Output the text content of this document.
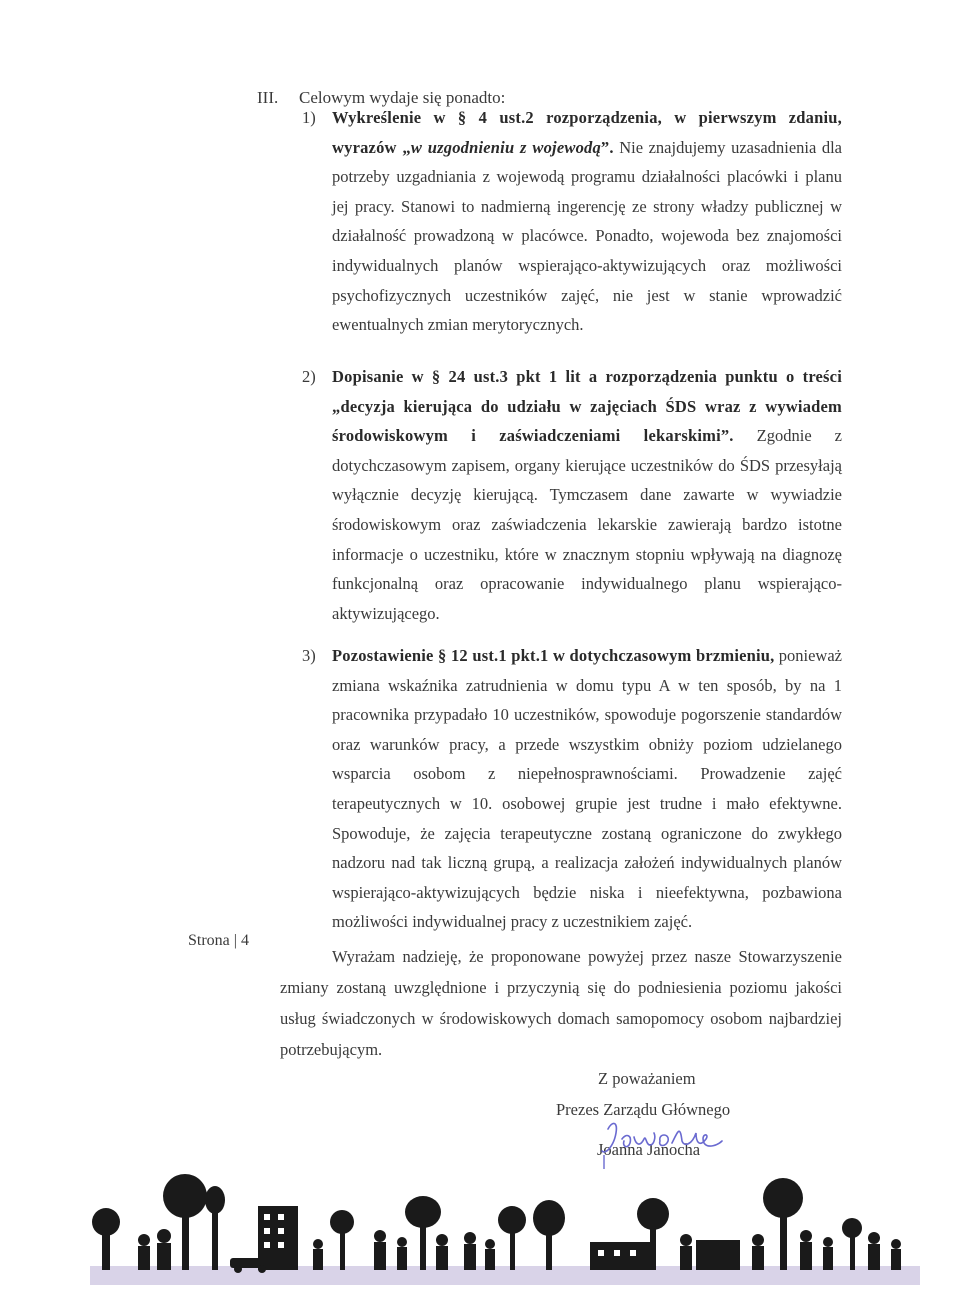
III. Celowym wydaje się ponadto:
1) Wykreślenie w § 4 ust.2 rozporządzenia, w pierwszym zdaniu, wyrazów „w uzgodnieniu z wojewodą”. Nie znajdujemy uzasadnienia dla potrzeby uzgadniania z wojewodą programu działalności placówki i planu jej pracy. Stanowi to nadmierną ingerencję ze strony władzy publicznej w działalność prowadzoną w placówce. Ponadto, wojewoda bez znajomości indywidualnych planów wspierająco-aktywizujących oraz możliwości psychofizycznych uczestników zajęć, nie jest w stanie wprowadzić ewentualnych zmian merytorycznych.
2) Dopisanie w § 24 ust.3 pkt 1 lit a rozporządzenia punktu o treści „decyzja kierująca do udziału w zajęciach ŚDS wraz z wywiadem środowiskowym i zaświadczeniami lekarskimi”. Zgodnie z dotychczasowym zapisem, organy kierujące uczestników do ŚDS przesyłają wyłącznie decyzję kierującą. Tymczasem dane zawarte w wywiadzie środowiskowym oraz zaświadczenia lekarskie zawierają bardzo istotne informacje o uczestniku, które w znacznym stopniu wpływają na diagnozę funkcjonalną oraz opracowanie indywidualnego planu wspierająco-aktywizującego.
3) Pozostawienie § 12 ust.1 pkt.1 w dotychczasowym brzmieniu, ponieważ zmiana wskaźnika zatrudnienia w domu typu A w ten sposób, by na 1 pracownika przypadało 10 uczestników, spowoduje pogorszenie standardów oraz warunków pracy, a przede wszystkim obniży poziom udzielanego wsparcia osobom z niepełnosprawnościami. Prowadzenie zajęć terapeutycznych w 10. osobowej grupie jest trudne i mało efektywne. Spowoduje, że zajęcia terapeutyczne zostaną ograniczone do zwykłego nadzoru nad tak liczną grupą, a realizacja założeń indywidualnych planów wspierająco-aktywizujących będzie niska i nieefektywna, pozbawiona możliwości indywidualnej pracy z uczestnikiem zajęć.
Strona | 4
Wyrażam nadzieję, że proponowane powyżej przez nasze Stowarzyszenie zmiany zostaną uwzględnione i przyczynią się do podniesienia poziomu jakości usług świadczonych w środowiskowych domach samopomocy osobom najbardziej potrzebującym.
Z poważaniem
Prezes Zarządu Głównego
Joanna Janocha
